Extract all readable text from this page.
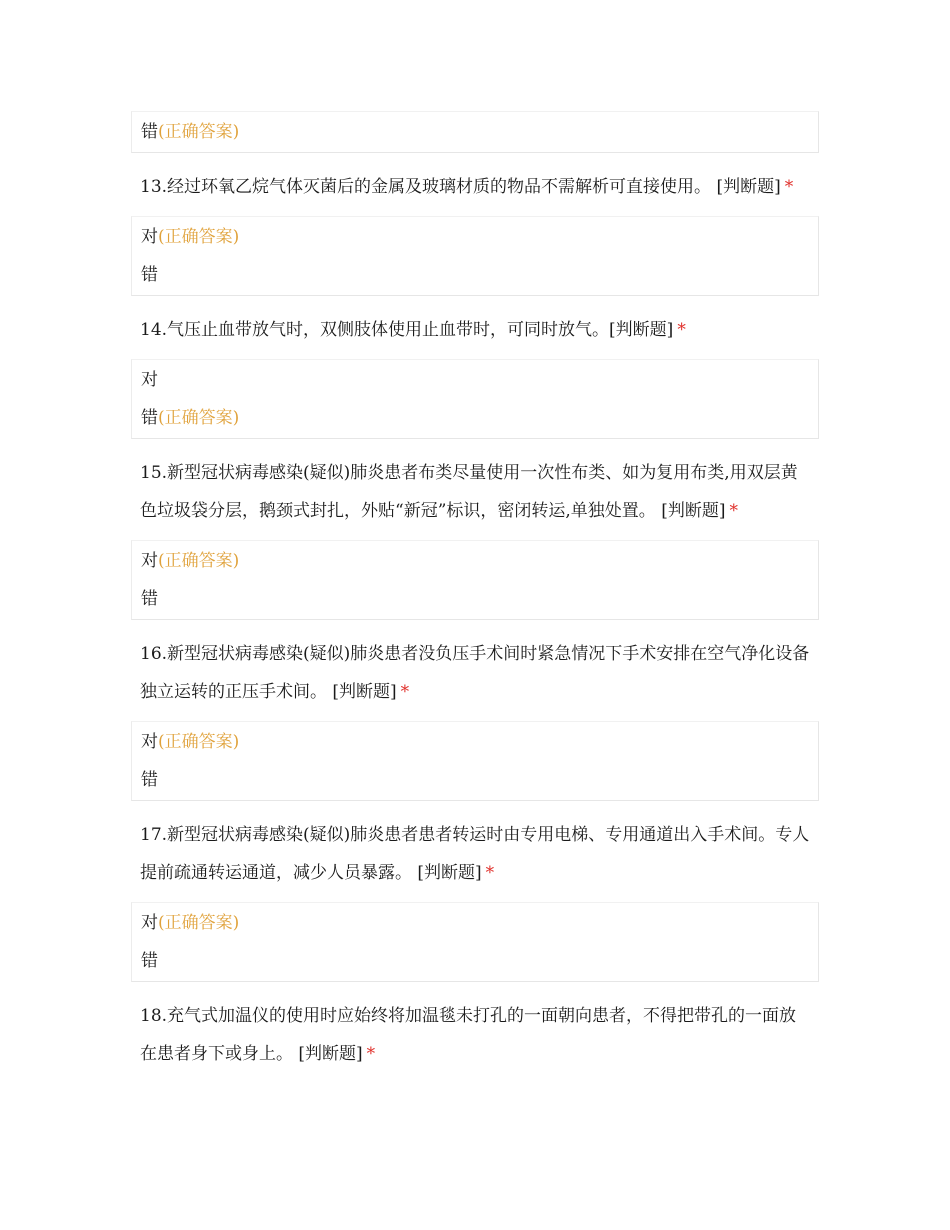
错(正确答案)
13.经过环氧乙烷气体灭菌后的金属及玻璃材质的物品不需解析可直接使用。 [判断题] *
对(正确答案)
错
14.气压止血带放气时，双侧肢体使用止血带时，可同时放气。[判断题] *
对
错(正确答案)
15.新型冠状病毒感染(疑似)肺炎患者布类尽量使用一次性布类、如为复用布类,用双层黄色垃圾袋分层，鹅颈式封扎，外贴“新冠”标识，密闭转运,单独处置。 [判断题] *
对(正确答案)
错
16.新型冠状病毒感染(疑似)肺炎患者没负压手术间时紧急情况下手术安排在空气净化设备独立运转的正压手术间。 [判断题] *
对(正确答案)
错
17.新型冠状病毒感染(疑似)肺炎患者患者转运时由专用电梯、专用通道出入手术间。专人提前疏通转运通道，减少人员暴露。 [判断题] *
对(正确答案)
错
18.充气式加温仪的使用时应始终将加温毯未打孔的一面朝向患者，不得把带孔的一面放在患者身下或身上。 [判断题] *
